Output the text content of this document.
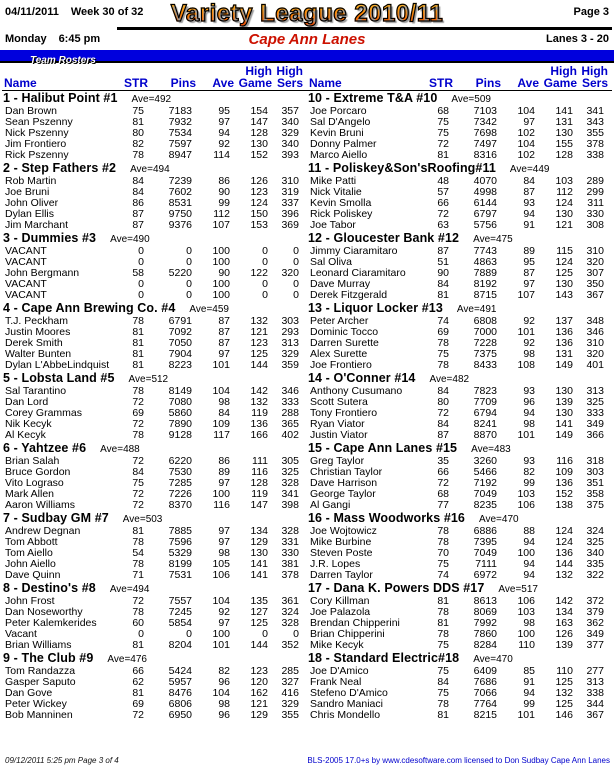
Variety League 2010/11	Page 3
Monday 6:45 pm	Cape Ann Lanes	Lanes 3 - 20
Team Rosters
Name	STR	Pins	Ave

High
Game

High
Sers

1 - Halibut Point #1 Ave=492					
Dan Brown	75	7183	95	154	357
Sean Pszenny	81	7932	97	147	340
Nick Pszenny	80	7534	94	128	329
Jim Frontiero	82	7597	92	130	340
Rick Pszenny	78	8947	114	152	393
2 - Step Fathers #2 Ave=494					
Rob Martin	84	7239	86	126	310
Joe Bruni	84	7602	90	123	319
John Oliver	86	8531	99	124	337
Dylan Ellis	87	9750	112	150	396
Jim Marchant	87	9376	107	153	369
3 - Dummies #3 Ave=490					
VACANT	0	0	100	0	0
VACANT	0	0	100	0	0
John Bergmann	58	5220	90	122	320
VACANT	0	0	100	0	0
VACANT	0	0	100	0	0
4 - Cape Ann Brewing Co. #4 Ave=459					
T.J. Peckham	78	6791	87	132	303
Justin Moores	81	7092	87	121	293
Derek Smith	81	7050	87	123	313
Walter Bunten	81	7904	97	125	329
Dylan L'AbbeLindquist	81	8223	101	144	359
5 - Lobsta Land #5 Ave=512					
Sal Tarantino	78	8149	104	142	346
Dan Lord	72	7080	98	132	333
Corey Grammas	69	5860	84	119	288
Nik Kecyk	72	7890	109	136	365
Al Kecyk	78	9128	117	166	402
6 - Yahtzee #6 Ave=488					
Brian Salah	72	6220	86	111	305
Bruce Gordon	84	7530	89	116	325
Vito Lograso	75	7285	97	128	328
Mark Allen	72	7226	100	119	341
Aaron Williams	72	8370	116	147	398
7 - Sudbay GM #7 Ave=503					
Andrew Degnan	81	7885	97	134	328
Tom Abbott	78	7596	97	129	331
Tom Aiello	54	5329	98	130	330
John Aiello	78	8199	105	141	381
Dave Quinn	71	7531	106	141	378
8 - Destino's #8 Ave=494					
John Frost	72	7557	104	135	361
Dan Noseworthy	78	7245	92	127	324
Peter Kalemkerides	60	5854	97	125	328
Vacant	0	0	100	0	0
Brian Williams	81	8204	101	144	352
9 - The Club #9 Ave=476					
Tom Randazza	66	5424	82	123	285
Gasper Saputo	62	5957	96	120	327
Dan Gove	81	8476	104	162	416
Peter Wickey	69	6806	98	121	329
Bob Manninen	72	6950	96	129	355
Name	STR	Pins	Ave

High
Game

High
Sers

10 - Extreme T&A #10 Ave=509					
Joe Porcaro	68	7103	104	141	341
Sal D'Angelo	75	7342	97	131	343
Kevin Bruni	75	7698	102	130	355
Donny Palmer	72	7497	104	155	378
Marco Aiello	81	8316	102	128	338
11 - Poliskey&Son'sRoofing#11 Ave=449					
Mike Patti	48	4070	84	103	289
Nick Vitalie	57	4998	87	112	299
Kevin Smolla	66	6144	93	124	311
Rick Poliskey	72	6797	94	130	330
Joe Tabor	63	5756	91	121	308
12 - Gloucester Bank #12 Ave=475					
Jimmy Ciaramitaro	87	7743	89	115	310
Sal Oliva	51	4863	95	124	320
Leonard Ciaramitaro	90	7889	87	125	307
Dave Murray	84	8192	97	130	350
Derek Fitzgerald	81	8715	107	143	367
13 - Liquor Locker #13 Ave=491					
Peter Archer	74	6808	92	137	348
Dominic Tocco	69	7000	101	136	346
Darren Surette	78	7228	92	136	310
Alex Surette	75	7375	98	131	320
Joe Frontiero	78	8433	108	149	401
14 - O'Conner #14 Ave=482					
Anthony Cusumano	84	7823	93	130	313
Scott Sutera	80	7709	96	139	325
Tony Frontiero	72	6794	94	130	333
Ryan Viator	84	8241	98	141	349
Justin Viator	87	8870	101	149	366
15 - Cape Ann Lanes #15 Ave=483					
Greg Taylor	35	3260	93	116	318
Christian Taylor	66	5466	82	109	303
Dave Harrison	72	7192	99	136	351
George Taylor	68	7049	103	152	358
Al Gangi	77	8235	106	138	375
16 - Mass Woodworks #16 Ave=470					
Joe Wojtowicz	78	6886	88	124	324
Mike Burbine	78	7395	94	124	325
Steven Poste	70	7049	100	136	340
J.R. Lopes	75	7111	94	144	335
Darren Taylor	74	6972	94	132	322
17 - Dana K. Powers DDS #17 Ave=517					
Cory Killman	81	8613	106	142	372
Joe Palazola	78	8069	103	134	379
Brendan Chipperini	81	7992	98	163	362
Brian Chipperini	78	7860	100	126	349
Mike Kecyk	75	8284	110	139	377
18 - Standard Electric#18 Ave=470					
Joe D'Amico	75	6409	85	110	277
Frank Neal	84	7686	91	125	313
Stefeno D'Amico	75	7066	94	132	338
Sandro Maniaci	78	7764	99	125	344
Chris Mondello	81	8215	101	146	367
09/12/2011 5:25 pm Page 3 of 4	BLS-2005 17.0+s by www.cdesoftware.com licensed to Don Sudbay Cape Ann Lanes
